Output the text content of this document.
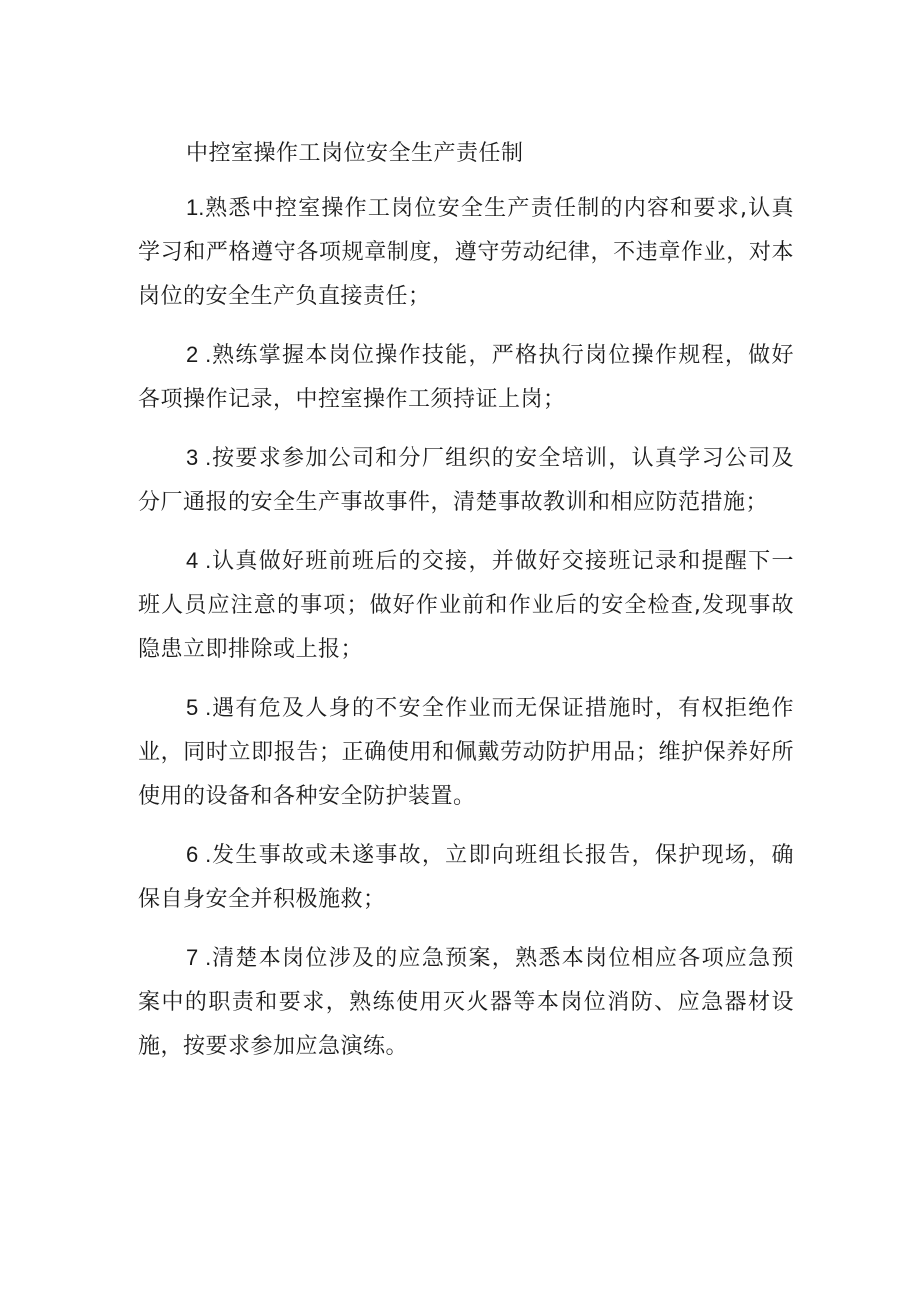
中控室操作工岗位安全生产责任制

1.熟悉中控室操作工岗位安全生产责任制的内容和要求,认真学习和严格遵守各项规章制度，遵守劳动纪律，不违章作业，对本岗位的安全生产负直接责任；

2 .熟练掌握本岗位操作技能，严格执行岗位操作规程，做好各项操作记录，中控室操作工须持证上岗；

3 .按要求参加公司和分厂组织的安全培训，认真学习公司及分厂通报的安全生产事故事件，清楚事故教训和相应防范措施；

4 .认真做好班前班后的交接，并做好交接班记录和提醒下一班人员应注意的事项；做好作业前和作业后的安全检查,发现事故隐患立即排除或上报；

5 .遇有危及人身的不安全作业而无保证措施时，有权拒绝作业，同时立即报告；正确使用和佩戴劳动防护用品；维护保养好所使用的设备和各种安全防护装置。

6 .发生事故或未遂事故，立即向班组长报告，保护现场，确保自身安全并积极施救；

7 .清楚本岗位涉及的应急预案，熟悉本岗位相应各项应急预案中的职责和要求，熟练使用灭火器等本岗位消防、应急器材设施，按要求参加应急演练。
